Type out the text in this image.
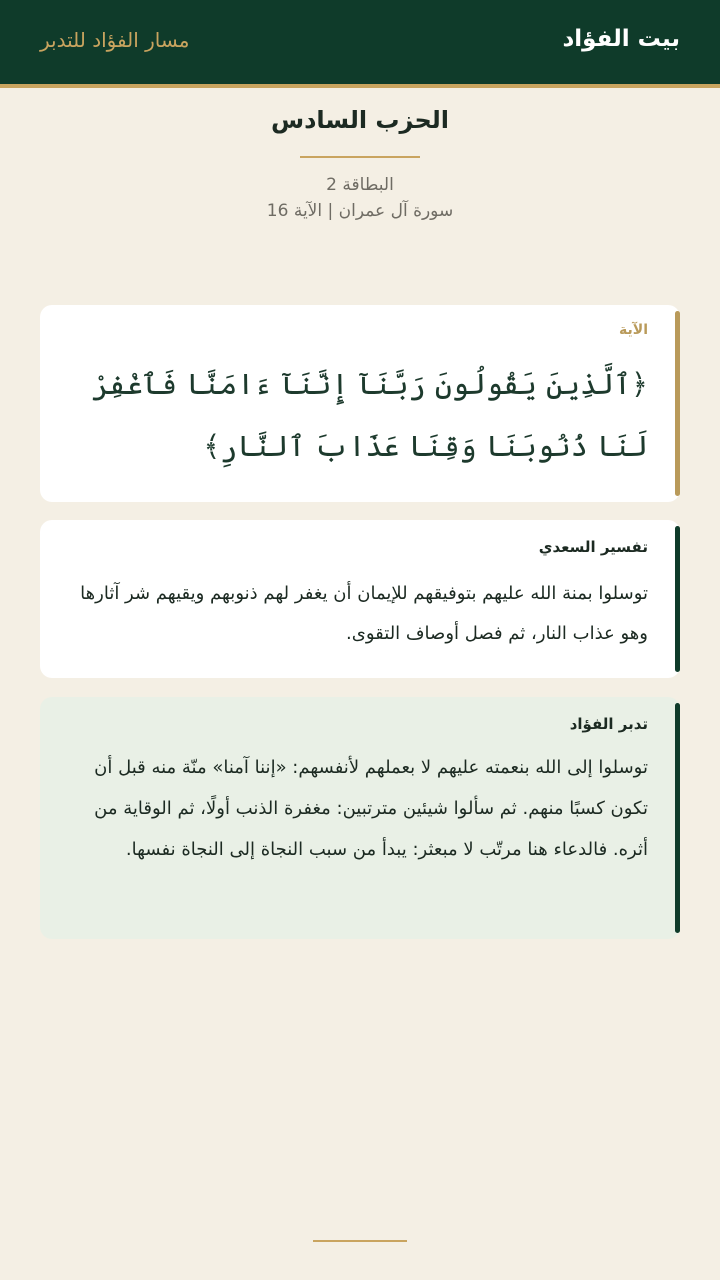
بيت الفؤاد
مسار الفؤاد للتدبر
الحزب السادس
البطاقة 2
سورة آل عمران | الآية 16
الآية
﴿ٱلَّذِينَ يَقُولُونَ رَبَّنَآ إِنَّنَآ ءَامَنَّا فَٱغْفِرْ لَنَا ذُنُوبَنَا وَقِنَا عَذَابَ ٱلنَّارِ﴾
تفسير السعدي
توسلوا بمنة الله عليهم بتوفيقهم للإيمان أن يغفر لهم ذنوبهم ويقيهم شر آثارها وهو عذاب النار، ثم فصل أوصاف التقوى.
تدبر الفؤاد
توسلوا إلى الله بنعمته عليهم لا بعملهم لأنفسهم: «إننا آمنا» منّة منه قبل أن تكون كسبًا منهم. ثم سألوا شيئين مترتبين: مغفرة الذنب أولًا، ثم الوقاية من أثره. فالدعاء هنا مرتّب لا مبعثر: يبدأ من سبب النجاة إلى النجاة نفسها.
